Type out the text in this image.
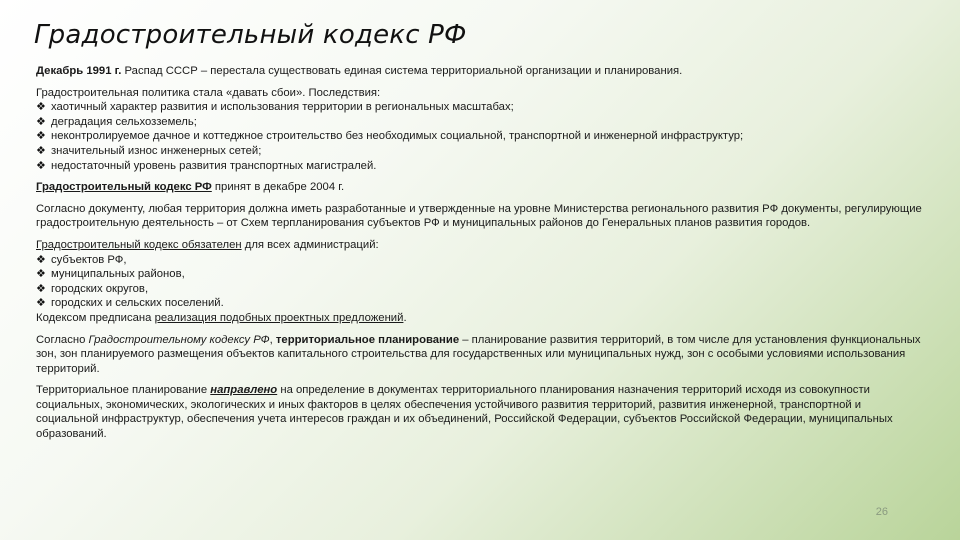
Градостроительный кодекс РФ

Декабрь 1991 г. Распад СССР – перестала существовать единая система территориальной организации и планирования.

Градостроительная политика стала «давать сбои». Последствия:

❖ хаотичный характер развития и использования территории в региональных масштабах;
❖ деградация сельхозземель;
❖ неконтролируемое дачное и коттеджное строительство без необходимых социальной, транспортной и инженерной инфраструктур;
❖ значительный износ инженерных сетей;
❖ недостаточный уровень развития транспортных магистралей.

Градостроительный кодекс РФ принят в декабре 2004 г.

Согласно документу, любая территория должна иметь разработанные и утвержденные на уровне Министерства регионального развития РФ документы, регулирующие градостроительную деятельность – от Схем терпланирования субъектов РФ и муниципальных районов до Генеральных планов развития городов.

Градостроительный кодекс обязателен для всех администраций:

❖ субъектов РФ,
❖ муниципальных районов,
❖ городских округов,
❖ городских и сельских поселений.

Кодексом предписана реализация подобных проектных предложений.

Согласно Градостроительному кодексу РФ, территориальное планирование – планирование развития территорий, в том числе для установления функциональных зон, зон планируемого размещения объектов капитального строительства для государственных или муниципальных нужд, зон с особыми условиями использования территорий.

Территориальное планирование направлено на определение в документах территориального планирования назначения территорий исходя из совокупности социальных, экономических, экологических и иных факторов в целях обеспечения устойчивого развития территорий, развития инженерной, транспортной и социальной инфраструктур, обеспечения учета интересов граждан и их объединений, Российской Федерации, субъектов Российской Федерации, муниципальных образований.

26
